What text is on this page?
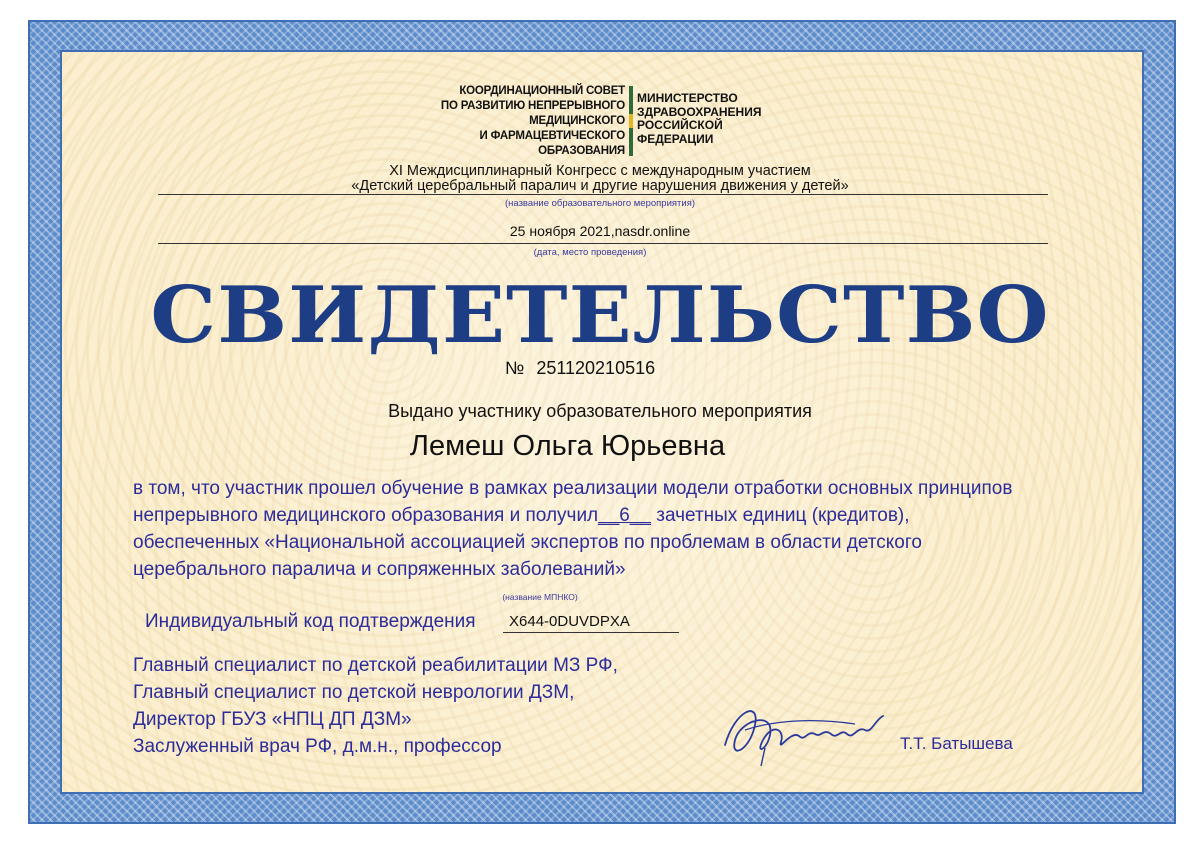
КООРДИНАЦИОННЫЙ СОВЕТ
ПО РАЗВИТИЮ НЕПРЕРЫВНОГО
МЕДИЦИНСКОГО
И ФАРМАЦЕВТИЧЕСКОГО
ОБРАЗОВАНИЯ
МИНИСТЕРСТВО
ЗДРАВООХРАНЕНИЯ
РОССИЙСКОЙ
ФЕДЕРАЦИИ
XI Междисциплинарный Конгресс с международным участием
«Детский церебральный паралич и другие нарушения движения у детей»
(название образовательного мероприятия)
25 ноября 2021,nasdr.online
(дата, место проведения)
СВИДЕТЕЛЬСТВО
№ 251120210516
Выдано участнику образовательного мероприятия
Лемеш Ольга Юрьевна
в том, что участник прошел обучение в рамках реализации модели отработки основных принципов
непрерывного медицинского образования и получил__6__ зачетных единиц (кредитов),
обеспеченных «Национальной ассоциацией экспертов по проблемам в области детского
церебрального паралича и сопряженных заболеваний»
(название МПНКО)
Индивидуальный код подтверждения	X644-0DUVDPXA
Главный специалист по детской реабилитации МЗ РФ,
Главный специалист по детской неврологии ДЗМ,
Директор ГБУЗ «НПЦ ДП ДЗМ»
Заслуженный врач РФ, д.м.н., профессор	Т.Т. Батышева
